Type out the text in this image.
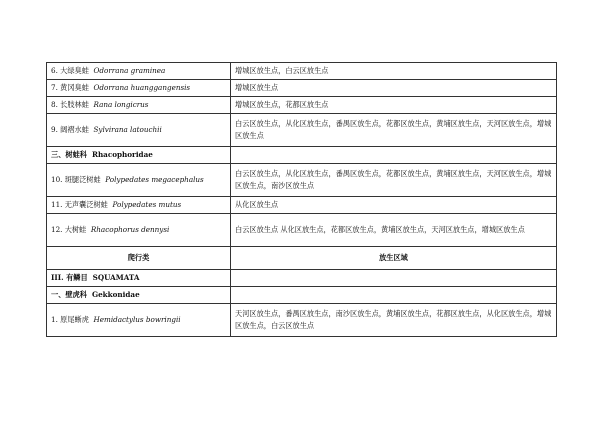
6. 大绿臭蛙 Odorrana graminea	增城区放生点，白云区放生点
7. 黄冈臭蛙 Odorrana huanggangensis	增城区放生点
8. 长肢林蛙 Rana longicrus	增城区放生点，花都区放生点
9. 阔褶水蛙 Sylvirana latouchii	白云区放生点，从化区放生点，番禺区放生点，花都区放生点，黄埔区放生点，天河区放生点，增城区放生点
三、树蛙科 Rhacophoridae	
10. 斑腿泛树蛙 Polypedates megacephalus	白云区放生点，从化区放生点，番禺区放生点，花都区放生点，黄埔区放生点，天河区放生点，增城区放生点，南沙区放生点
11. 无声囊泛树蛙 Polypedates mutus	从化区放生点
12. 大树蛙 Rhacophorus dennysi	白云区放生点 从化区放生点，花都区放生点，黄埔区放生点，天河区放生点，增城区放生点
爬行类	放生区域
III. 有鳞目 SQUAMATA	
一、壁虎科 Gekkonidae	
1. 原尾蜥虎 Hemidactylus bowringii	天河区放生点，番禺区放生点，南沙区放生点，黄埔区放生点，花都区放生点，从化区放生点，增城区放生点，白云区放生点
